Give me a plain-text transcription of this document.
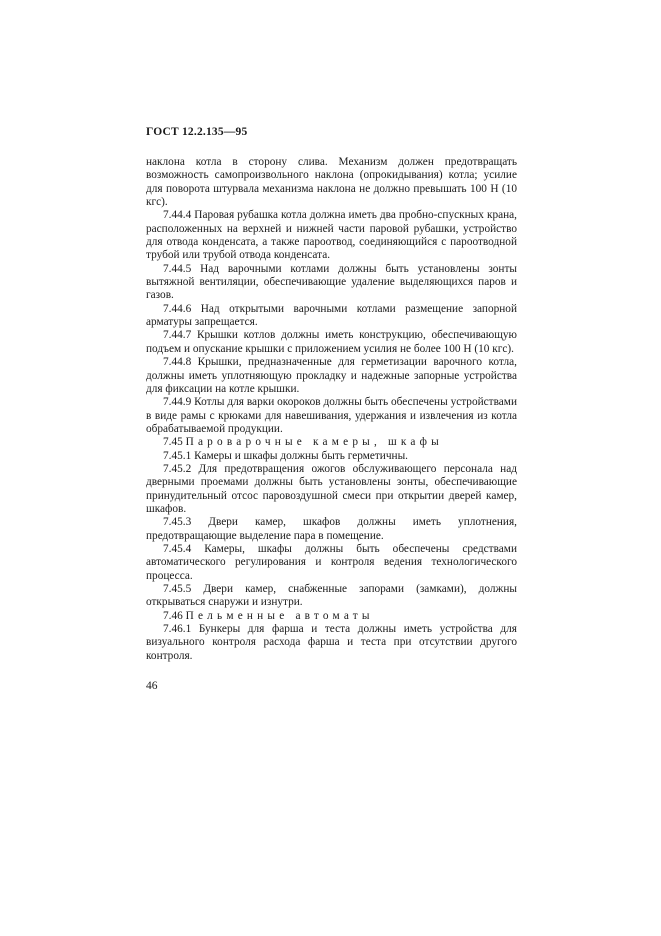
ГОСТ 12.2.135—95

наклона котла в сторону слива. Механизм должен предотвращать возможность самопроизвольного наклона (опрокидывания) котла; усилие для поворота штурвала механизма наклона не должно превышать 100 Н (10 кгс).

7.44.4 Паровая рубашка котла должна иметь два пробно-спускных крана, расположенных на верхней и нижней части паровой рубашки, устройство для отвода конденсата, а также пароотвод, соединяющийся с пароотводной трубой или трубой отвода конденсата.

7.44.5 Над варочными котлами должны быть установлены зонты вытяжной вентиляции, обеспечивающие удаление выделяющихся паров и газов.

7.44.6 Над открытыми варочными котлами размещение запорной арматуры запрещается.

7.44.7 Крышки котлов должны иметь конструкцию, обеспечивающую подъем и опускание крышки с приложением усилия не более 100 Н (10 кгс).

7.44.8 Крышки, предназначенные для герметизации варочного котла, должны иметь уплотняющую прокладку и надежные запорные устройства для фиксации на котле крышки.

7.44.9 Котлы для варки окороков должны быть обеспечены устройствами в виде рамы с крюками для навешивания, удержания и извлечения из котла обрабатываемой продукции.

7.45 Пароварочные камеры, шкафы

7.45.1 Камеры и шкафы должны быть герметичны.

7.45.2 Для предотвращения ожогов обслуживающего персонала над дверными проемами должны быть установлены зонты, обеспечивающие принудительный отсос паровоздушной смеси при открытии дверей камер, шкафов.

7.45.3 Двери камер, шкафов должны иметь уплотнения, предотвращающие выделение пара в помещение.

7.45.4 Камеры, шкафы должны быть обеспечены средствами автоматического регулирования и контроля ведения технологического процесса.

7.45.5 Двери камер, снабженные запорами (замками), должны открываться снаружи и изнутри.

7.46 Пельменные автоматы

7.46.1 Бункеры для фарша и теста должны иметь устройства для визуального контроля расхода фарша и теста при отсутствии другого контроля.

46
